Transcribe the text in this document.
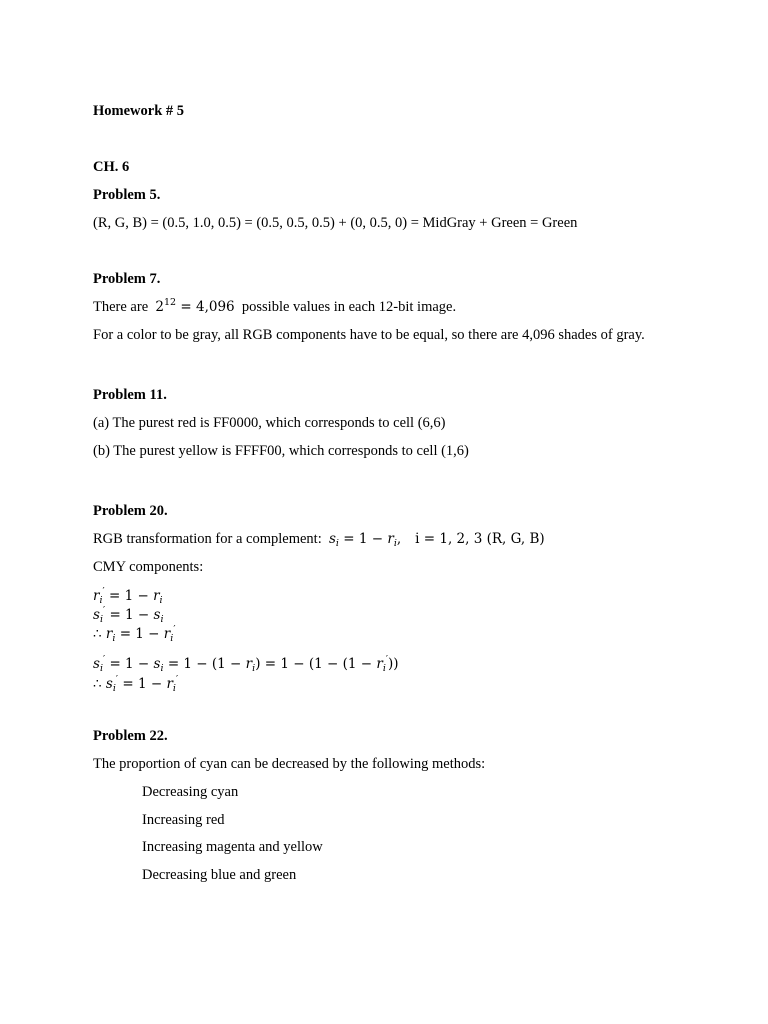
Homework # 5
CH. 6
Problem 5.
(R, G, B) = (0.5, 1.0, 0.5) = (0.5, 0.5, 0.5) + (0, 0.5, 0) = MidGray + Green = Green
Problem 7.
There are $2^{12} = 4,096$ possible values in each 12-bit image.
For a color to be gray, all RGB components have to be equal, so there are 4,096 shades of gray.
Problem 11.
(a) The purest red is FF0000, which corresponds to cell (6,6)
(b) The purest yellow is FFFF00, which corresponds to cell (1,6)
Problem 20.
RGB transformation for a complement: $s_i = 1 - r_i$, i = 1, 2, 3 (R, G, B)
CMY components:
$r_i' = 1 - r_i$
$s_i' = 1 - s_i$
∴ $r_i = 1 - r_i'$
$s_i' = 1 - s_i = 1 - (1 - r_i) = 1 - (1 - (1 - r_i'))$
∴ $s_i' = 1 - r_i'$
Problem 22.
The proportion of cyan can be decreased by the following methods:
Decreasing cyan
Increasing red
Increasing magenta and yellow
Decreasing blue and green
